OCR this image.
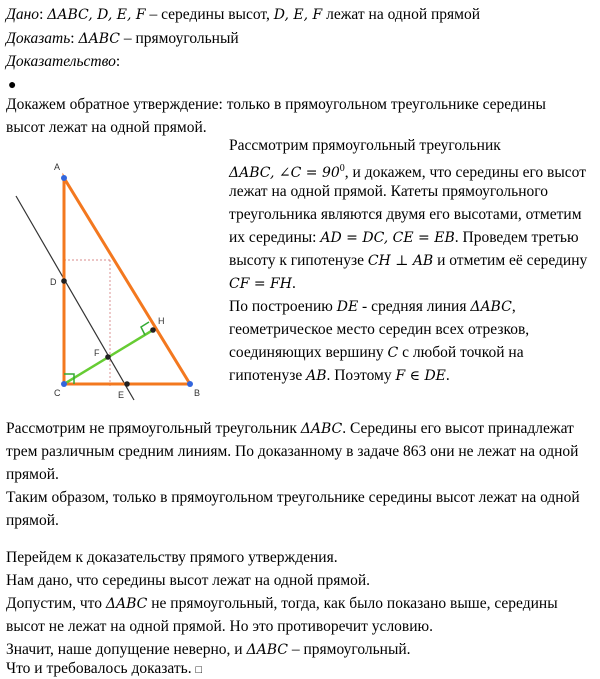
Дано: ΔABC, D, E, F – середины высот, D, E, F лежат на одной прямой
Доказать: ΔABC – прямоугольный
Доказательство:
●
Докажем обратное утверждение: только в прямоугольном треугольнике середины
высот лежат на одной прямой.
A
B
C
D
E
F
H
Рассмотрим прямоугольный треугольник
ΔABC, ∠C = $90^0$, и докажем, что середины его высот
лежат на одной прямой. Катеты прямоугольного
треугольника являются двумя его высотами, отметим
их середины: AD = DC, CE = EB. Проведем третью
высоту к гипотенузе CH ⊥ AB и отметим её середину
CF = FH.
По построению DE - средняя линия ΔABC,
геометрическое место середин всех отрезков,
соединяющих вершину C с любой точкой на
гипотенузе AB. Поэтому F ∈ DE.
Рассмотрим не прямоугольный треугольник ΔABC. Середины его высот принадлежат
трем различным средним линиям. По доказанному в задаче 863 они не лежат на одной
прямой.
Таким образом, только в прямоугольном треугольнике середины высот лежат на одной
прямой.
Перейдем к доказательству прямого утверждения.
Нам дано, что середины высот лежат на одной прямой.
Допустим, что ΔABC не прямоугольный, тогда, как было показано выше, середины
высот не лежат на одной прямой. Но это противоречит условию.
Значит, наше допущение неверно, и ΔABC – прямоугольный.
Что и требовалось доказать. □
